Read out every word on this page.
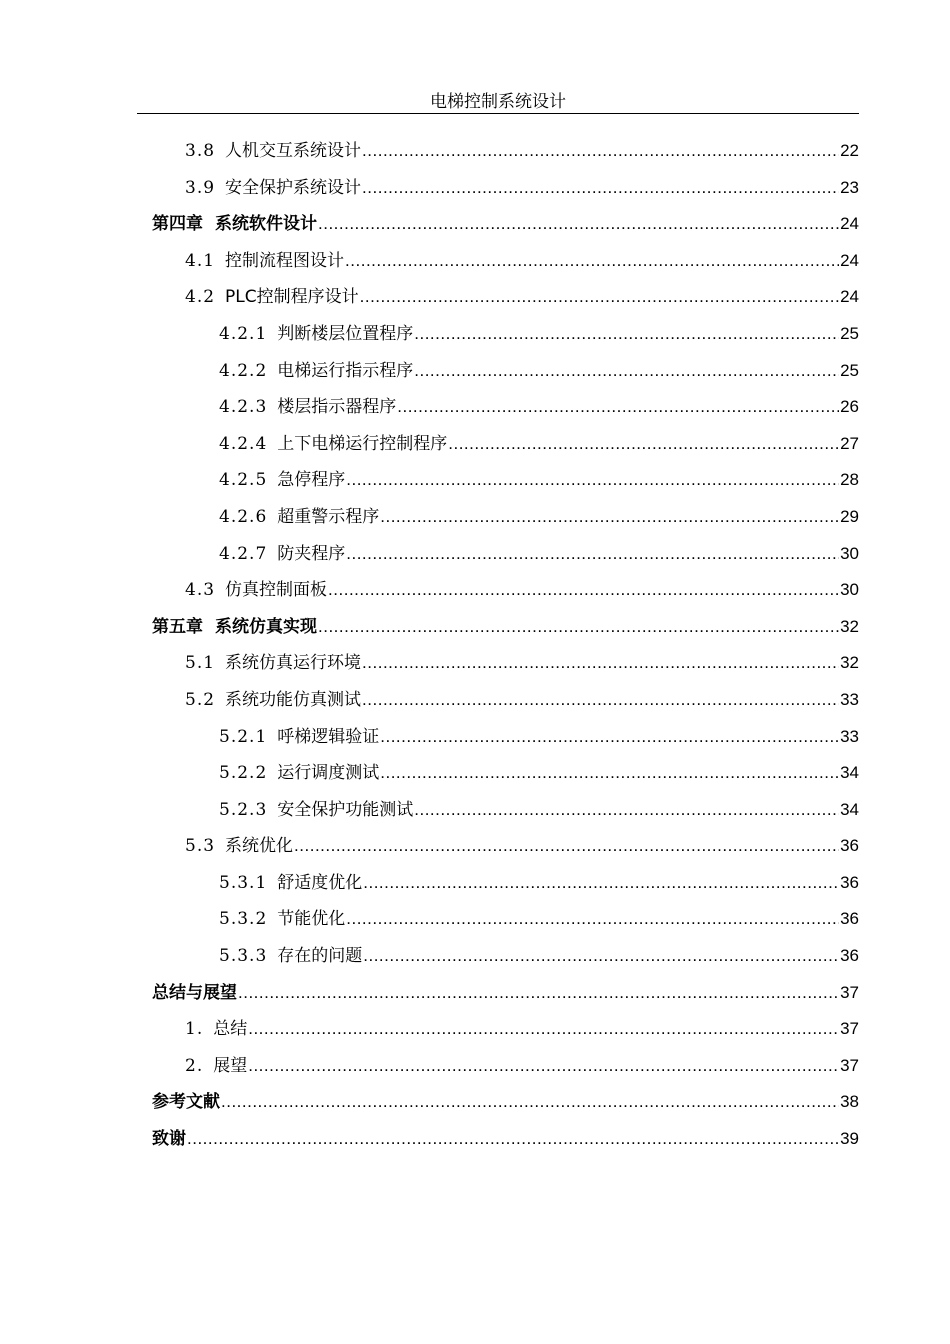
电梯控制系统设计
3.8 人机交互系统设计 .....	22
3.9 安全保护系统设计 .....	23
第四章 系统软件设计 .....	24
4.1 控制流程图设计 .....	24
4.2 PLC控制程序设计 .....	24
4.2.1 判断楼层位置程序 .....	25
4.2.2 电梯运行指示程序 .....	25
4.2.3 楼层指示器程序 .....	26
4.2.4 上下电梯运行控制程序 .....	27
4.2.5 急停程序 .....	28
4.2.6 超重警示程序 .....	29
4.2.7 防夹程序 .....	30
4.3 仿真控制面板 .....	30
第五章 系统仿真实现 .....	32
5.1 系统仿真运行环境 .....	32
5.2 系统功能仿真测试 .....	33
5.2.1 呼梯逻辑验证 .....	33
5.2.2 运行调度测试 .....	34
5.2.3 安全保护功能测试 .....	34
5.3 系统优化 .....	36
5.3.1 舒适度优化 .....	36
5.3.2 节能优化 .....	36
5.3.3 存在的问题 .....	36
总结与展望 .....	37
1. 总结 .....	37
2. 展望 .....	37
参考文献 .....	38
致谢 .....	39
